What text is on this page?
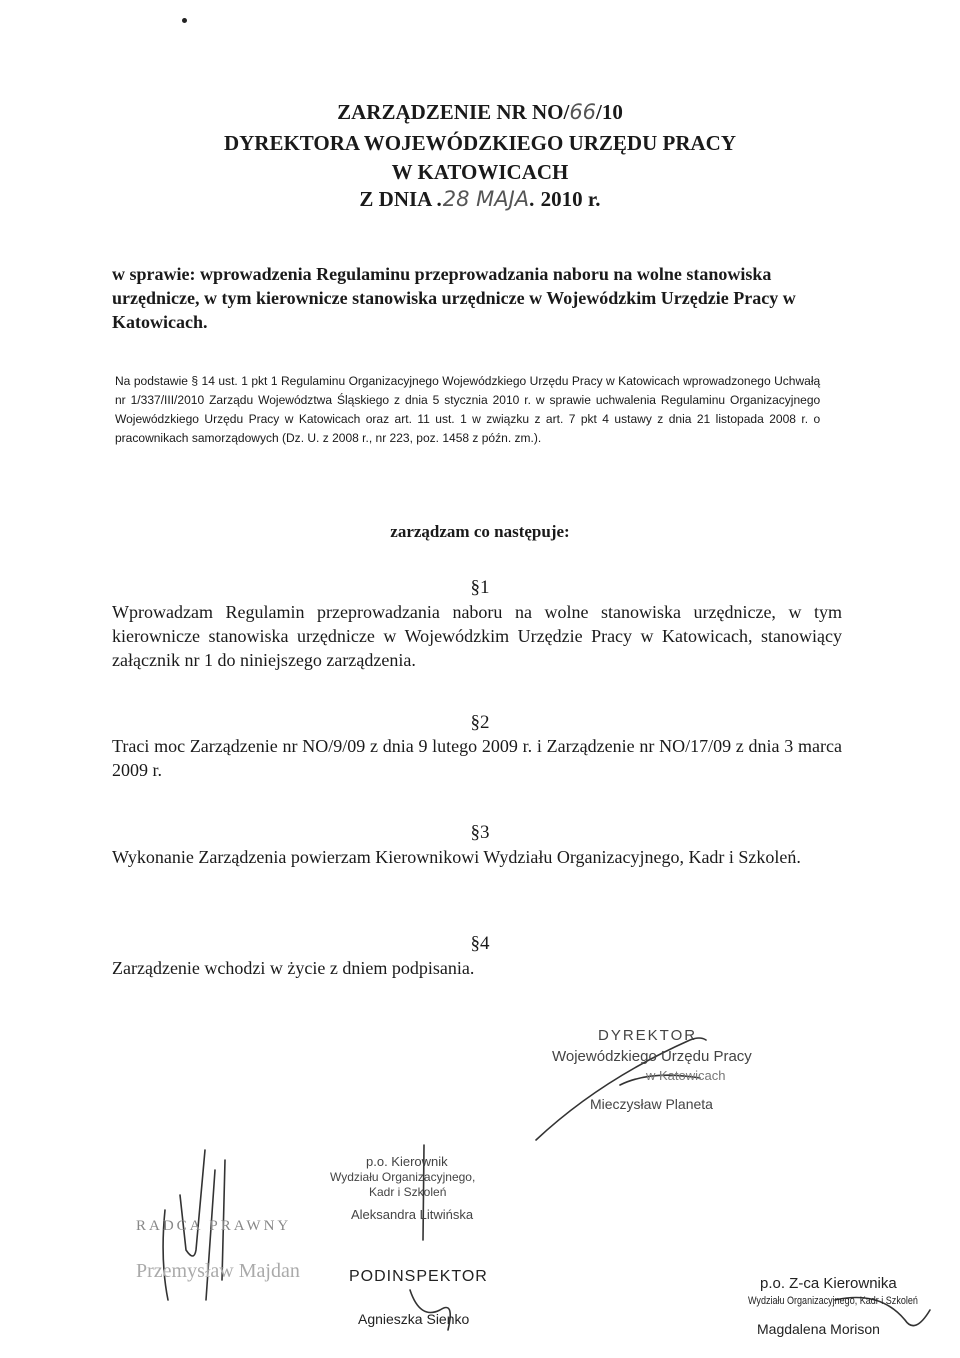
ZARZĄDZENIE NR NO/66/10
DYREKTORA WOJEWÓDZKIEGO URZĘDU PRACY
W KATOWICACH
Z DNIA .28 MAJA. 2010 r.
w sprawie: wprowadzenia Regulaminu przeprowadzania naboru na wolne stanowiska urzędnicze, w tym kierownicze stanowiska urzędnicze w Wojewódzkim Urzędzie Pracy w Katowicach.
Na podstawie § 14 ust. 1 pkt 1 Regulaminu Organizacyjnego Wojewódzkiego Urzędu Pracy w Katowicach wprowadzonego Uchwałą nr 1/337/III/2010 Zarządu Województwa Śląskiego z dnia 5 stycznia 2010 r. w sprawie uchwalenia Regulaminu Organizacyjnego Wojewódzkiego Urzędu Pracy w Katowicach oraz art. 11 ust. 1 w związku z art. 7 pkt 4 ustawy z dnia 21 listopada 2008 r. o pracownikach samorządowych (Dz. U. z 2008 r., nr 223, poz. 1458 z późn. zm.).
zarządzam co następuje:
§1
Wprowadzam Regulamin przeprowadzania naboru na wolne stanowiska urzędnicze, w tym kierownicze stanowiska urzędnicze w Wojewódzkim Urzędzie Pracy w Katowicach, stanowiący załącznik nr 1 do niniejszego zarządzenia.
§2
Traci moc Zarządzenie nr NO/9/09 z dnia 9 lutego 2009 r. i Zarządzenie nr NO/17/09 z dnia 3 marca 2009 r.
§3
Wykonanie Zarządzenia powierzam Kierownikowi Wydziału Organizacyjnego, Kadr i Szkoleń.
§4
Zarządzenie wchodzi w życie z dniem podpisania.
DYREKTOR
Wojewódzkiego Urzędu Pracy
w Katowicach
Mieczysław Planeta
p.o. Kierownik
Wydziału Organizacyjnego,
Kadr i Szkoleń
Aleksandra Litwińska
RADCA PRAWNY
Przemysław Majdan	PODINSPEKTOR
Agnieszka Sienko
p.o. Z-ca Kierownika
Wydziału Organizacyjnego, Kadr i Szkoleń
Magdalena Morison
